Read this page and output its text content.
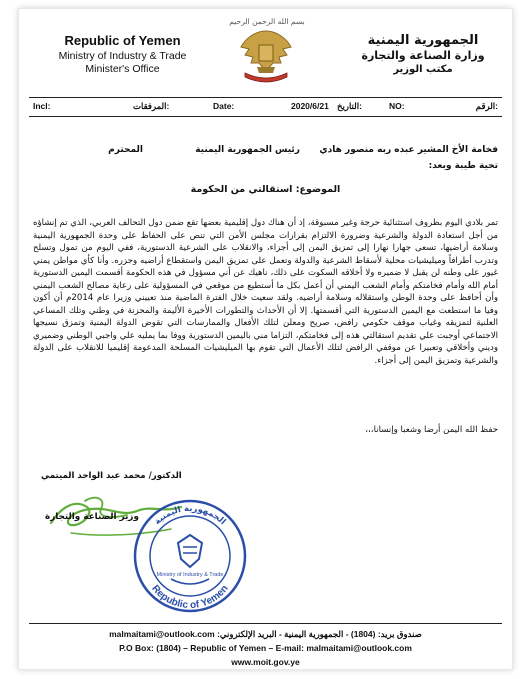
Republic of Yemen
Ministry of Industry & Trade
Minister's Office
بسم الله الرحمن الرحيم
الجمهورية اليمنية
وزارة الصناعة والتجارة
مكتب الوزير
Incl:	المرفقات:	Date:	2020/6/21 التاريخ:	NO:	الرقم:
فخامة الأخ المشير عبده ربه منصور هادي
رئيس الجمهورية اليمنية
المحترم
تحية طيبة وبعد:
الموضوع: استقالتي من الحكومة

تمر بلادي اليوم بظروف استثنائية حرجة وغير مسبوقة، إذ أن هناك دول إقليمية بعضها تقع ضمن دول التحالف العربي، الذي تم إنشاؤه من أجل استعادة الدولة والشرعية وضرورة الالتزام بقرارات مجلس الأمن التي تنص على الحفاظ على وحدة الجمهورية اليمنية وسلامة أراضيها، تسعى جهارا نهارا إلى تمزيق اليمن إلى أجزاء، والانقلاب على الشرعية الدستورية، ففي اليوم من تمول وتسلح وتدرب أطرافاً وميليشيات محلية لأسقاط الشرعية والدولة وتعمل على تمزيق اليمن واستقطاع أراضيه وجزره. وأنا كأي مواطن يمني غيور على وطنه لن يقبل لا ضميره ولا أخلاقه السكوت على ذلك، ناهيك عن أني مسؤول في هذه الحكومة أقسمت اليمين الدستورية أمام الله وأمام فخامتكم وأمام الشعب اليمني أن أعمل بكل ما أستطيع من موقعي في المسؤولية على رعاية مصالح الشعب اليمني وأن أحافظ على وحدة الوطن واستقلاله وسلامة أراضيه. ولقد سعيت خلال الفترة الماضية منذ تعييني وزيرا عام 2014م أن أكون وفيا ما استطعت مع اليمين الدستورية التي أقسمتها. إلا أن الأحداث والتطورات الأخيرة الأليمة والمحزنة في وطني وتلك المساعي العلنية لتمزيقه وغياب موقف حكومي رافض، صريح ومعلن لتلك الأفعال والممارسات التي تقوض الدولة اليمنية وتمزق نسيجها الاجتماعي أوجبت علي تقديم استقالتي هذه إلى فخامتكم، التزاما مني باليمين الدستورية ووفا بما يمليه علي واجبي الوطني وضميري وديني وأخلاقي وتعبيرا عن موقفي الرافض لتلك الأعمال التي تقوم بها الميليشيات المسلحة المدعومة إقليميا للانقلاب على الدولة والشرعية وتمزيق اليمن إلى أجزاء.

حفظ الله اليمن أرضا وشعبا وإنسانا،،،
الدكتور/ محمد عبد الواحد الميتمي
وزير الصناعة والتجارة الجمهورية اليمنية
Republic of Yemen
Ministry of Industry & Trade
صندوق بريد: (1804) - الجمهورية اليمنية - البريد الإلكتروني: malmaitami@outlook.com
P.O Box: (1804) – Republic of Yemen – E-mail: malmaitami@outlook.com
www.moit.gov.ye
